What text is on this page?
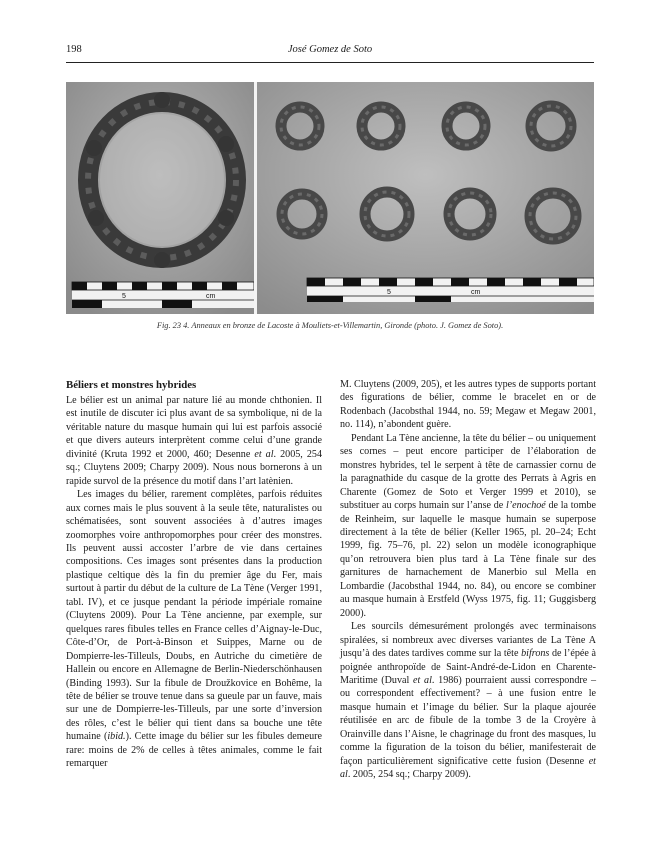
198	José Gomez de Soto
5	cm
5	cm
Fig. 23 4. Anneaux en bronze de Lacoste à Mouliets-et-Villemartin, Gironde (photo. J. Gomez de Soto).
Béliers et monstres hybrides

Le bélier est un animal par nature lié au monde chthonien. Il est inutile de discuter ici plus avant de sa symbolique, ni de la véritable nature du masque humain qui lui est parfois associé et que divers auteurs interprètent comme celui d’une grande divinité (Kruta 1992 et 2000, 460; Desenne et al. 2005, 254 sq.; Cluytens 2009; Charpy 2009). Nous nous bornerons à un rapide survol de la présence du motif dans l’art latènien.

Les images du bélier, rarement complètes, parfois réduites aux cornes mais le plus souvent à la seule tête, naturalistes ou schématisées, sont souvent associées à d’autres images zoomorphes voire anthropomorphes pour créer des monstres. Ils peuvent aussi accoster l’arbre de vie dans certaines compositions. Ces images sont présentes dans la production plastique celtique dès la fin du premier âge du Fer, mais surtout à partir du début de la culture de La Tène (Verger 1991, tabl. IV), et ce jusque pendant la période impériale romaine (Cluytens 2009). Pour La Tène ancienne, par exemple, sur quelques rares fibules telles en France celles d’Aignay-le-Duc, Côte-d’Or, de Port-à-Binson et Suippes, Marne ou de Dompierre-les-Tilleuls, Doubs, en Autriche du cimetière de Hallein ou encore en Allemagne de Berlin-Niederschönhausen (Binding 1993). Sur la fibule de Droužkovice en Bohême, la tête de bélier se trouve tenue dans sa gueule par un fauve, mais sur une de Dompierre-les-Tilleuls, par une sorte d’inversion des rôles, c’est le bélier qui tient dans sa bouche une tête humaine (ibid.). Cette image du bélier sur les fibules demeure rare: moins de 2% de celles à têtes animales, comme le fait remarquer

M. Cluytens (2009, 205), et les autres types de supports portant des figurations de bélier, comme le bracelet en or de Rodenbach (Jacobsthal 1944, no. 59; Megaw et Megaw 2001, no. 114), n’abondent guère.

Pendant La Tène ancienne, la tête du bélier – ou uniquement ses cornes – peut encore participer de l’élaboration de monstres hybrides, tel le serpent à tête de carnassier cornu de la paragnathide du casque de la grotte des Perrats à Agris en Charente (Gomez de Soto et Verger 1999 et 2010), se substituer au corps humain sur l’anse de l’enochoé de la tombe de Reinheim, sur laquelle le masque humain se superpose directement à la tête de bélier (Keller 1965, pl. 20–24; Echt 1999, fig. 75–76, pl. 22) selon un modèle iconographique qu’on retrouvera bien plus tard à La Tène finale sur des garnitures de harnachement de Manerbio sul Mella en Lombardie (Jacobsthal 1944, no. 84), ou encore se combiner au masque humain à Erstfeld (Wyss 1975, fig. 11; Guggisberg 2000).

Les sourcils démesurément prolongés avec terminaisons spiralées, si nombreux avec diverses variantes de La Tène A jusqu’à des dates tardives comme sur la tête bifrons de l’épée à poignée anthropoïde de Saint-André-de-Lidon en Charente-Maritime (Duval et al. 1986) pourraient aussi correspondre – ou correspondent effectivement? – à une fusion entre le masque humain et l’image du bélier. Sur la plaque ajourée réutilisée en arc de fibule de la tombe 3 de la Croyère à Orainville dans l’Aisne, le chagrinage du front des masques, lu comme la figuration de la toison du bélier, manifesterait de façon particulièrement significative cette fusion (Desenne et al. 2005, 254 sq.; Charpy 2009).
